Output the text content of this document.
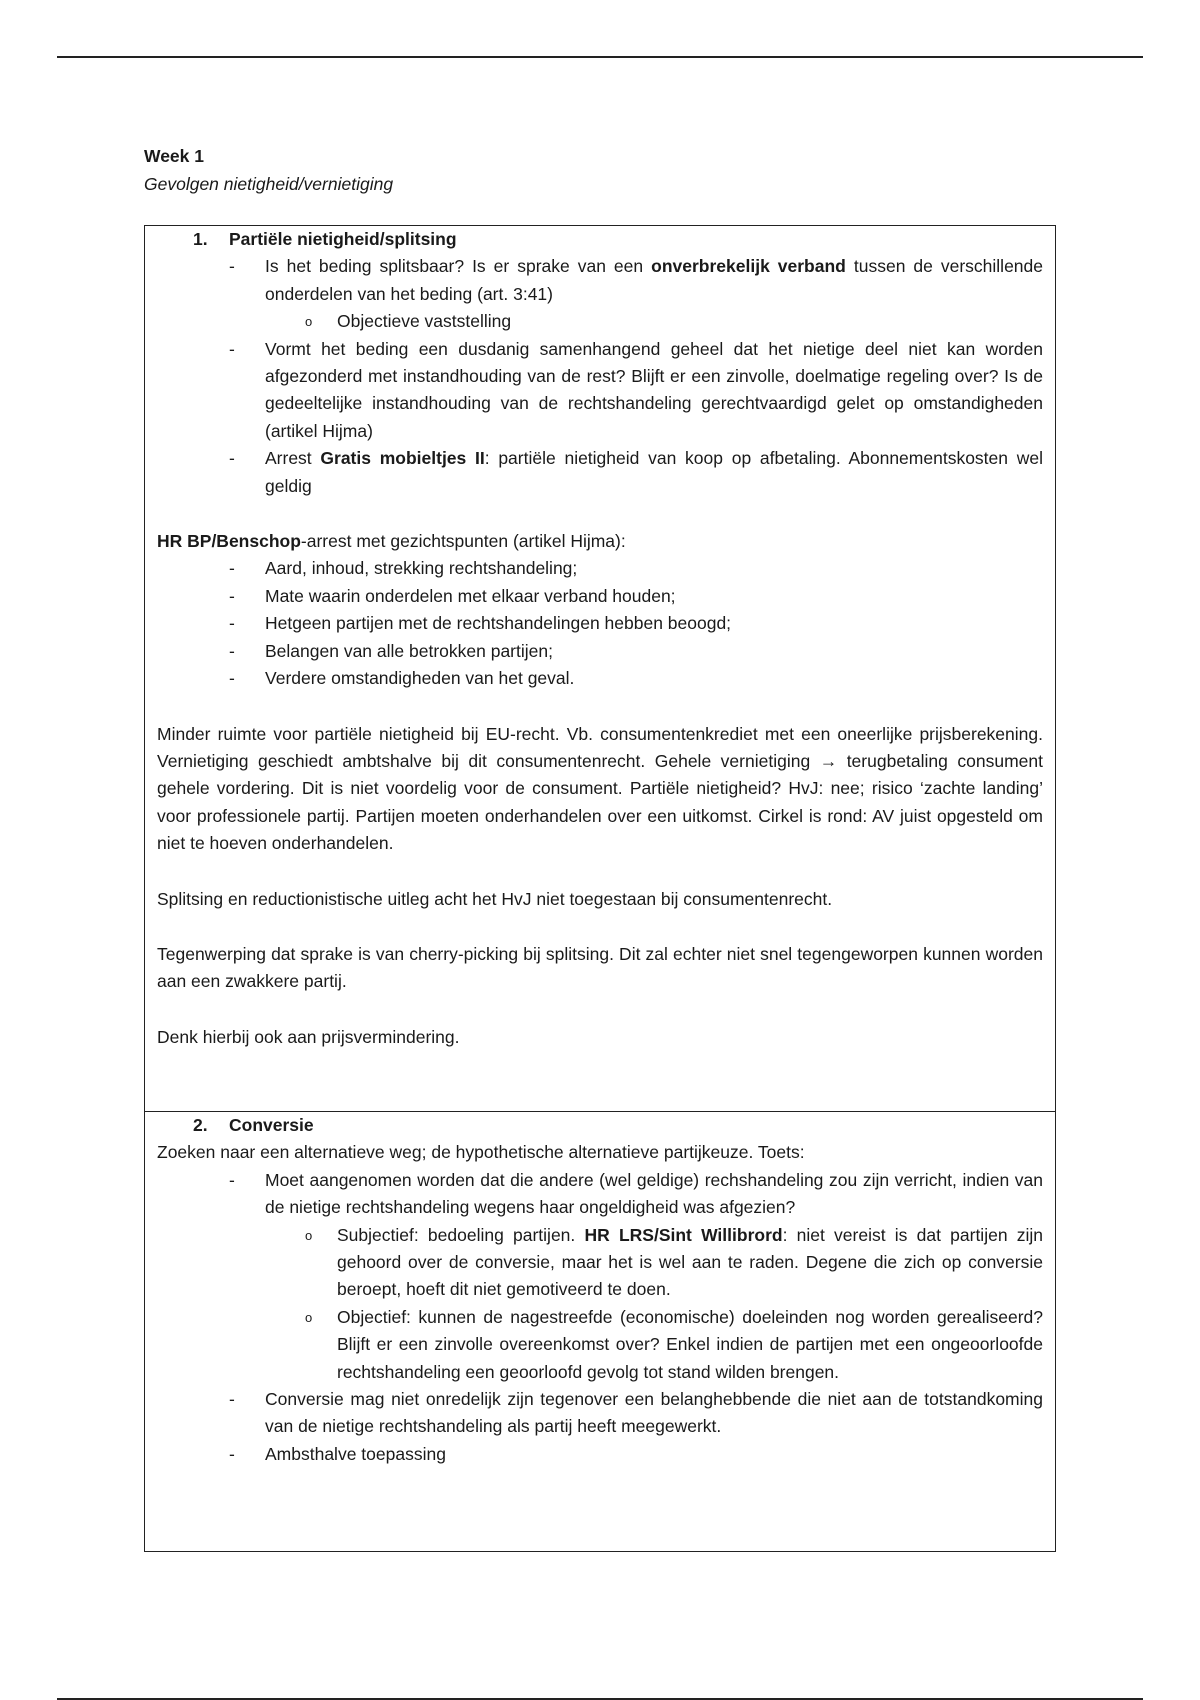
Week 1
Gevolgen nietigheid/vernietiging
1. Partiële nietigheid/splitsing
- Is het beding splitsbaar? Is er sprake van een onverbrekelijk verband tussen de verschillende onderdelen van het beding (art. 3:41)
o Objectieve vaststelling
- Vormt het beding een dusdanig samenhangend geheel dat het nietige deel niet kan worden afgezonderd met instandhouding van de rest? Blijft er een zinvolle, doelmatige regeling over? Is de gedeeltelijke instandhouding van de rechtshandeling gerechtvaardigd gelet op omstandigheden (artikel Hijma)
- Arrest Gratis mobieltjes II: partiële nietigheid van koop op afbetaling. Abonnementskosten wel geldig
HR BP/Benschop-arrest met gezichtspunten (artikel Hijma):
- Aard, inhoud, strekking rechtshandeling;
- Mate waarin onderdelen met elkaar verband houden;
- Hetgeen partijen met de rechtshandelingen hebben beoogd;
- Belangen van alle betrokken partijen;
- Verdere omstandigheden van het geval.
Minder ruimte voor partiële nietigheid bij EU-recht. Vb. consumentenkrediet met een oneerlijke prijsberekening. Vernietiging geschiedt ambtshalve bij dit consumentenrecht. Gehele vernietiging → terugbetaling consument gehele vordering. Dit is niet voordelig voor de consument. Partiële nietigheid? HvJ: nee; risico ‘zachte landing’ voor professionele partij. Partijen moeten onderhandelen over een uitkomst. Cirkel is rond: AV juist opgesteld om niet te hoeven onderhandelen.
Splitsing en reductionistische uitleg acht het HvJ niet toegestaan bij consumentenrecht.
Tegenwerping dat sprake is van cherry-picking bij splitsing. Dit zal echter niet snel tegengeworpen kunnen worden aan een zwakkere partij.
Denk hierbij ook aan prijsvermindering.
2. Conversie
Zoeken naar een alternatieve weg; de hypothetische alternatieve partijkeuze. Toets:
- Moet aangenomen worden dat die andere (wel geldige) rechshandeling zou zijn verricht, indien van de nietige rechtshandeling wegens haar ongeldigheid was afgezien?
o Subjectief: bedoeling partijen. HR LRS/Sint Willibrord: niet vereist is dat partijen zijn gehoord over de conversie, maar het is wel aan te raden. Degene die zich op conversie beroept, hoeft dit niet gemotiveerd te doen.
o Objectief: kunnen de nagestreefde (economische) doeleinden nog worden gerealiseerd? Blijft er een zinvolle overeenkomst over? Enkel indien de partijen met een ongeoorloofde rechtshandeling een geoorloofd gevolg tot stand wilden brengen.
- Conversie mag niet onredelijk zijn tegenover een belanghebbende die niet aan de totstandkoming van de nietige rechtshandeling als partij heeft meegewerkt.
- Ambsthalve toepassing
